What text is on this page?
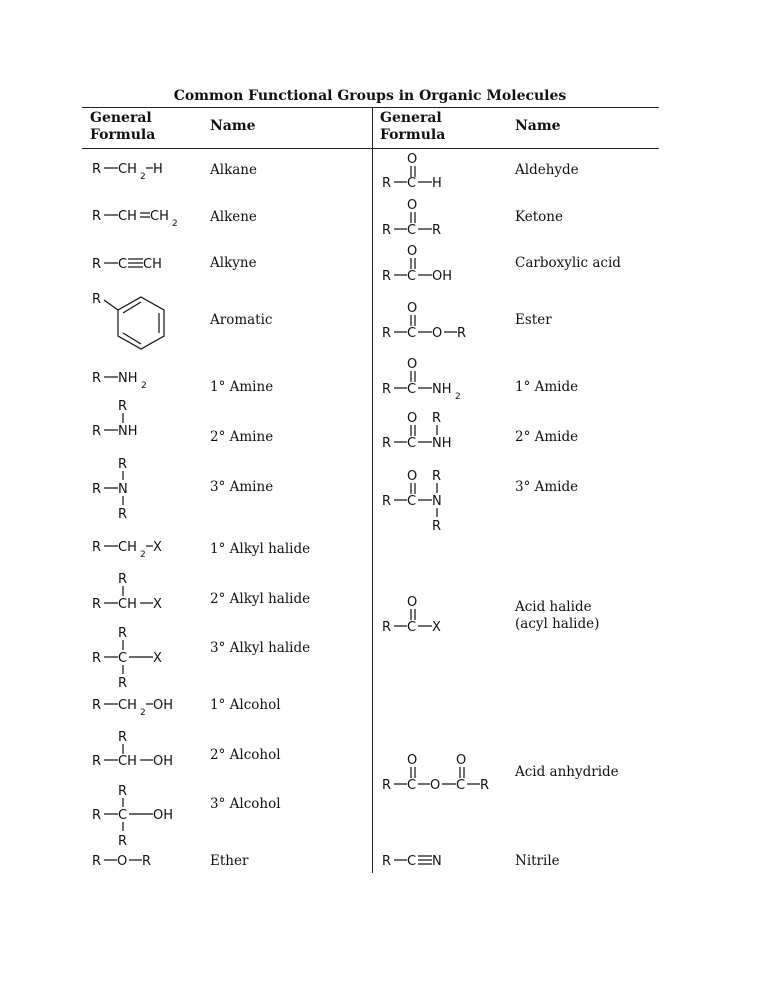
Common Functional Groups in Organic Molecules
General
Formula
Name	General
Formula
Name
Alkane
Alkene
Alkyne
Aromatic
1° Amine
2° Amine
3° Amine
1° Alkyl halide
2° Alkyl halide
3° Alkyl halide
1° Alcohol
2° Alcohol
3° Alcohol
Ether
Aldehyde
Ketone
Carboxylic acid
Ester
1° Amide
2° Amide
3° Amide
Acid halide
(acyl halide)
Acid anhydride
Nitrile
R CH 2 H
R CH CH 2
R C CH
R
R NH 2
R
R NH
R
R N
R
R CH 2 X
R
R CH X
R
R C X
R
R CH 2 OH
R
R CH OH
R
R C OH
R
R O R
O
R C H
O
R C R
O
R C OH
O
R C O R
O
R C NH 2
O R
R C NH
O R
R C N
R
O
R C X
O	O
R C O C R
R C N
